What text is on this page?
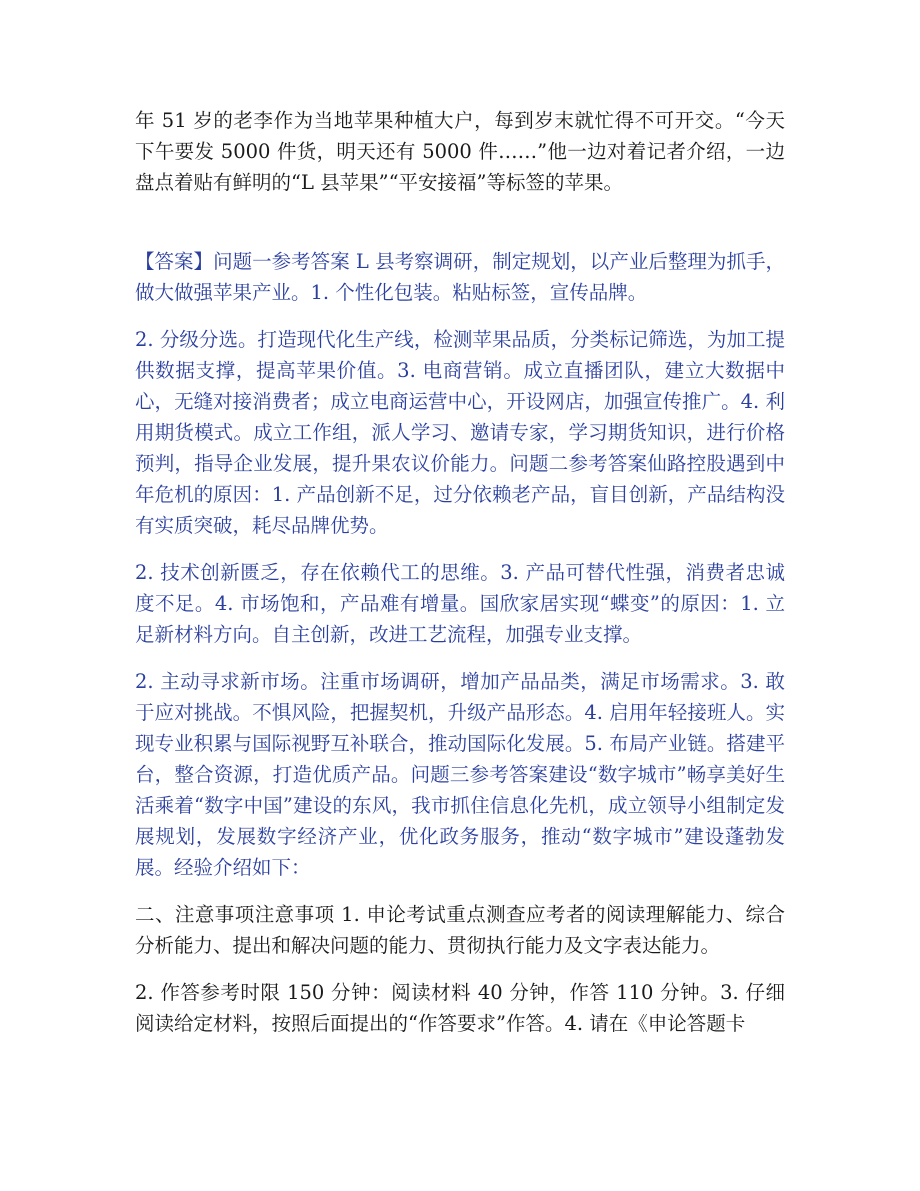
年 51 岁的老李作为当地苹果种植大户，每到岁末就忙得不可开交。“今天下午要发 5000 件货，明天还有 5000 件……”他一边对着记者介绍，一边盘点着贴有鲜明的“L 县苹果”“平安接福”等标签的苹果。

【答案】问题一参考答案 L 县考察调研，制定规划，以产业后整理为抓手，做大做强苹果产业。1. 个性化包装。粘贴标签，宣传品牌。

2. 分级分选。打造现代化生产线，检测苹果品质，分类标记筛选，为加工提供数据支撑，提高苹果价值。3. 电商营销。成立直播团队，建立大数据中心，无缝对接消费者；成立电商运营中心，开设网店，加强宣传推广。4. 利用期货模式。成立工作组，派人学习、邀请专家，学习期货知识，进行价格预判，指导企业发展，提升果农议价能力。问题二参考答案仙路控股遇到中年危机的原因：1. 产品创新不足，过分依赖老产品，盲目创新，产品结构没有实质突破，耗尽品牌优势。

2. 技术创新匮乏，存在依赖代工的思维。3. 产品可替代性强，消费者忠诚度不足。4. 市场饱和，产品难有增量。国欣家居实现“蝶变”的原因：1. 立足新材料方向。自主创新，改进工艺流程，加强专业支撑。

2. 主动寻求新市场。注重市场调研，增加产品品类，满足市场需求。3. 敢于应对挑战。不惧风险，把握契机，升级产品形态。4. 启用年轻接班人。实现专业积累与国际视野互补联合，推动国际化发展。5. 布局产业链。搭建平台，整合资源，打造优质产品。问题三参考答案建设“数字城市”畅享美好生活乘着“数字中国”建设的东风，我市抓住信息化先机，成立领导小组制定发展规划，发展数字经济产业，优化政务服务，推动“数字城市”建设蓬勃发展。经验介绍如下：

二、注意事项注意事项 1. 申论考试重点测查应考者的阅读理解能力、综合分析能力、提出和解决问题的能力、贯彻执行能力及文字表达能力。

2. 作答参考时限 150 分钟：阅读材料 40 分钟，作答 110 分钟。3. 仔细阅读给定材料，按照后面提出的“作答要求”作答。4. 请在《申论答题卡
